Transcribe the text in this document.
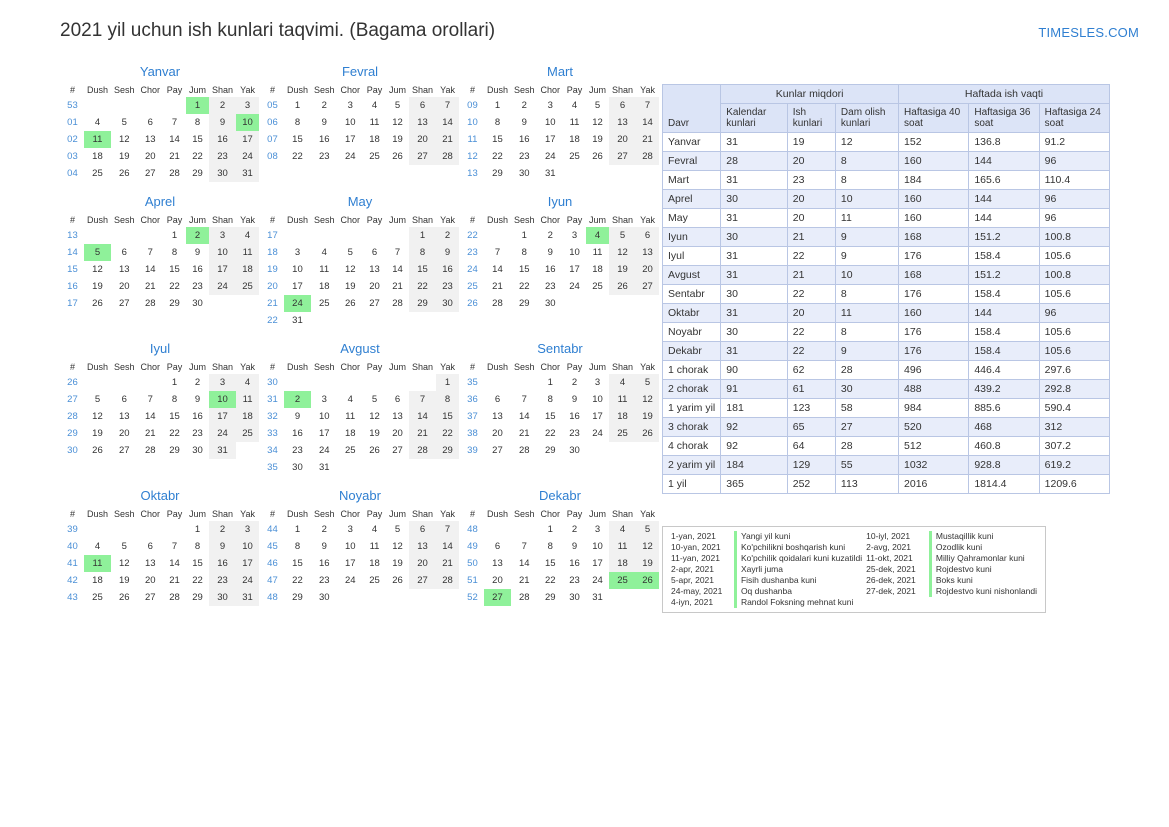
2021 yil uchun ish kunlari taqvimi. (Bagama orollari)	TIMESLES.COM
Yanvar
#	Dush	Sesh	Chor	Pay	Jum	Shan	Yak
53					1	2	3
01	4	5	6	7	8	9	10
02	11	12	13	14	15	16	17
03	18	19	20	21	22	23	24
04	25	26	27	28	29	30	31
Fevral
#	Dush	Sesh	Chor	Pay	Jum	Shan	Yak
05	1	2	3	4	5	6	7
06	8	9	10	11	12	13	14
07	15	16	17	18	19	20	21
08	22	23	24	25	26	27	28
Mart
#	Dush	Sesh	Chor	Pay	Jum	Shan	Yak
09	1	2	3	4	5	6	7
10	8	9	10	11	12	13	14
11	15	16	17	18	19	20	21
12	22	23	24	25	26	27	28
13	29	30	31				
Aprel
#	Dush	Sesh	Chor	Pay	Jum	Shan	Yak
13				1	2	3	4
14	5	6	7	8	9	10	11
15	12	13	14	15	16	17	18
16	19	20	21	22	23	24	25
17	26	27	28	29	30		
May
#	Dush	Sesh	Chor	Pay	Jum	Shan	Yak
17						1	2
18	3	4	5	6	7	8	9
19	10	11	12	13	14	15	16
20	17	18	19	20	21	22	23
21	24	25	26	27	28	29	30
22	31						
Iyun
#	Dush	Sesh	Chor	Pay	Jum	Shan	Yak
22		1	2	3	4	5	6
23	7	8	9	10	11	12	13
24	14	15	16	17	18	19	20
25	21	22	23	24	25	26	27
26	28	29	30				
Iyul
#	Dush	Sesh	Chor	Pay	Jum	Shan	Yak
26				1	2	3	4
27	5	6	7	8	9	10	11
28	12	13	14	15	16	17	18
29	19	20	21	22	23	24	25
30	26	27	28	29	30	31	
Avgust
#	Dush	Sesh	Chor	Pay	Jum	Shan	Yak
30							1
31	2	3	4	5	6	7	8
32	9	10	11	12	13	14	15
33	16	17	18	19	20	21	22
34	23	24	25	26	27	28	29
35	30	31					
Sentabr
#	Dush	Sesh	Chor	Pay	Jum	Shan	Yak
35			1	2	3	4	5
36	6	7	8	9	10	11	12
37	13	14	15	16	17	18	19
38	20	21	22	23	24	25	26
39	27	28	29	30			
Oktabr
#	Dush	Sesh	Chor	Pay	Jum	Shan	Yak
39					1	2	3
40	4	5	6	7	8	9	10
41	11	12	13	14	15	16	17
42	18	19	20	21	22	23	24
43	25	26	27	28	29	30	31
Noyabr
#	Dush	Sesh	Chor	Pay	Jum	Shan	Yak
44	1	2	3	4	5	6	7
45	8	9	10	11	12	13	14
46	15	16	17	18	19	20	21
47	22	23	24	25	26	27	28
48	29	30					
Dekabr
#	Dush	Sesh	Chor	Pay	Jum	Shan	Yak
48			1	2	3	4	5
49	6	7	8	9	10	11	12
50	13	14	15	16	17	18	19
51	20	21	22	23	24	25	26
52	27	28	29	30	31		
Davr	Kunlar miqdori			Haftada ish vaqti		
	Kalendar kunlari	Ish kunlari	Dam olish kunlari	Haftasiga 40 soat	Haftasiga 36 soat	Haftasiga 24 soat
Yanvar	31	19	12	152	136.8	91.2
Fevral	28	20	8	160	144	96
Mart	31	23	8	184	165.6	110.4
Aprel	30	20	10	160	144	96
May	31	20	11	160	144	96
Iyun	30	21	9	168	151.2	100.8
Iyul	31	22	9	176	158.4	105.6
Avgust	31	21	10	168	151.2	100.8
Sentabr	30	22	8	176	158.4	105.6
Oktabr	31	20	11	160	144	96
Noyabr	30	22	8	176	158.4	105.6
Dekabr	31	22	9	176	158.4	105.6
1 chorak	90	62	28	496	446.4	297.6
2 chorak	91	61	30	488	439.2	292.8
1 yarim yil	181	123	58	984	885.6	590.4
3 chorak	92	65	27	520	468	312
4 chorak	92	64	28	512	460.8	307.2
2 yarim yil	184	129	55	1032	928.8	619.2
1 yil	365	252	113	2016	1814.4	1209.6
1-yan, 2021	Yangi yil kuni	10-iyl, 2021	Mustaqillik kuni
10-yan, 2021	Ko'pchilikni boshqarish kuni	2-avg, 2021	Ozodlik kuni
11-yan, 2021	Ko'pchilik qoidalari kuni kuzatildi	11-okt, 2021	Milliy Qahramonlar kuni
2-apr, 2021	Xayrli juma	25-dek, 2021	Rojdestvo kuni
5-apr, 2021	Fisih dushanba kuni	26-dek, 2021	Boks kuni
24-may, 2021	Oq dushanba	27-dek, 2021	Rojdestvo kuni nishonlandi
4-iyn, 2021	Randol Foksning mehnat kuni		
